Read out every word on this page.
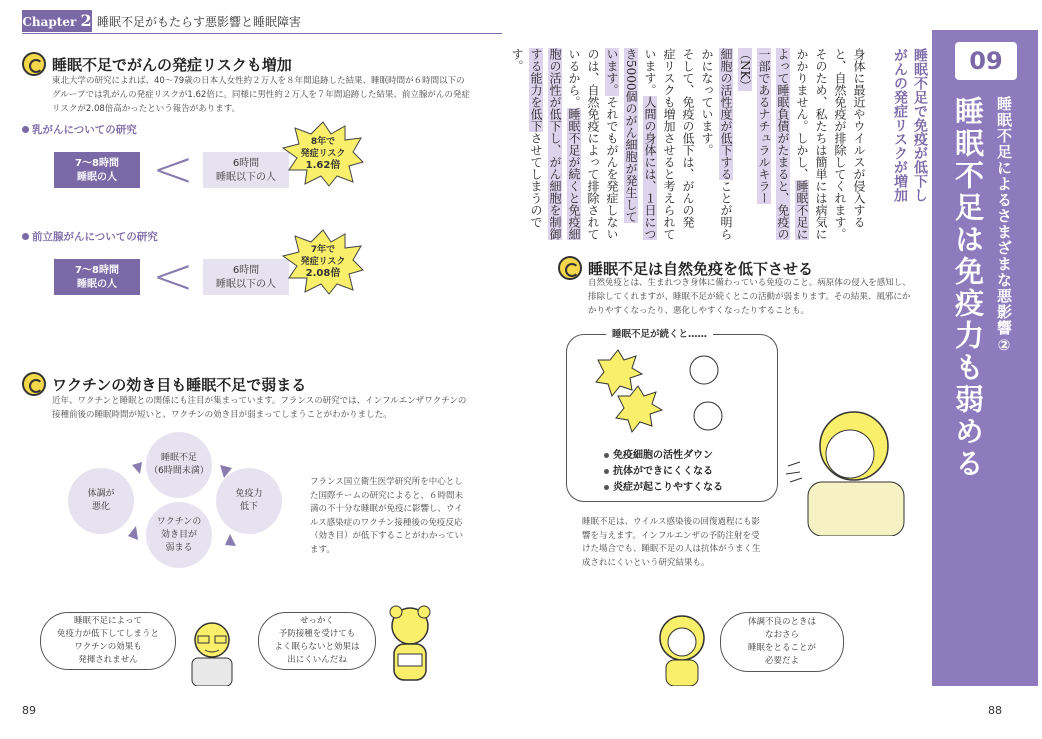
Chapter 2 睡眠不足がもたらす悪影響と睡眠障害
睡眠不足でがんの発症リスクも増加
東北大学の研究によれば、40～79歳の日本人女性約２万人を８年間追跡した結果、睡眠時間が６時間以下のグループでは乳がんの発症リスクが1.62倍に。同様に男性約２万人を７年間追跡した結果、前立腺がんの発症リスクが2.08倍高かったという報告があります。
乳がんについての研究
7～8時間
睡眠の人 <	6時間
睡眠以下の人
8年で
発症リスク
1.62倍
前立腺がんについての研究
7～8時間
睡眠の人 <	6時間
睡眠以下の人
7年で
発症リスク
2.08倍
ワクチンの効き目も睡眠不足で弱まる
近年、ワクチンと睡眠との関係にも注目が集まっています。フランスの研究では、インフルエンザワクチンの接種前後の睡眠時間が短いと、ワクチンの効き目が弱まってしまうことがわかりました。
睡眠不足
（6時間未満）
免疫力
低下
ワクチンの
効き目が
弱まる
体調が
悪化
フランス国立衛生医学研究所を中心とした国際チームの研究によると、６時間未満の不十分な睡眠が免疫に影響し、ウイルス感染症のワクチン接種後の免疫反応（効き目）が低下することがわかっています。
睡眠不足によって
免疫力が低下してしまうと
ワクチンの効果も
発揮されません
せっかく
予防接種を受けても
よく眠らないと効果は
出にくいんだね
89
09
睡眠不足によるさまざまな悪影響②
睡眠不足は免疫力も弱める
睡眠不足で免疫が低下し
がんの発症リスクが増加
身体に最近やウイルスが侵入する
と、自然免疫が排除してくれます。
そのため、私たちは簡単には病気に
かかりません。しかし、睡眠不足に
よって睡眠負債がたまると、免疫の
一部であるナチュラルキラー（NK）
細胞の活性度が低下することが明ら
かになっています。
そして、免疫の低下は、がんの発
症リスクも増加させると考えられて
います。人間の身体には、１日につ
き5000個のがん細胞が発生して
います。それでもがんを発症しない
のは、自然免疫によって排除されて
いるから。睡眠不足が続くと免疫細
胞の活性が低下し、がん細胞を制御
する能力を低下させてしまうのです。
睡眠不足は自然免疫を低下させる
自然免疫とは、生まれつき身体に備わっている免疫のこと。病原体の侵入を感知し、排除してくれますが、睡眠不足が続くとこの活動が弱まります。その結果、風邪にかかりやすくなったり、悪化しやすくなったりすることも。
睡眠不足が続くと……
免疫細胞の活性ダウン
抗体ができにくくなる
炎症が起こりやすくなる
睡眠不足は、ウイルス感染後の回復過程にも影響を与えます。インフルエンザの予防注射を受けた場合でも、睡眠不足の人は抗体がうまく生成されにくいという研究結果も。
体調不良のときは
なおさら
睡眠をとることが
必要だよ
88
